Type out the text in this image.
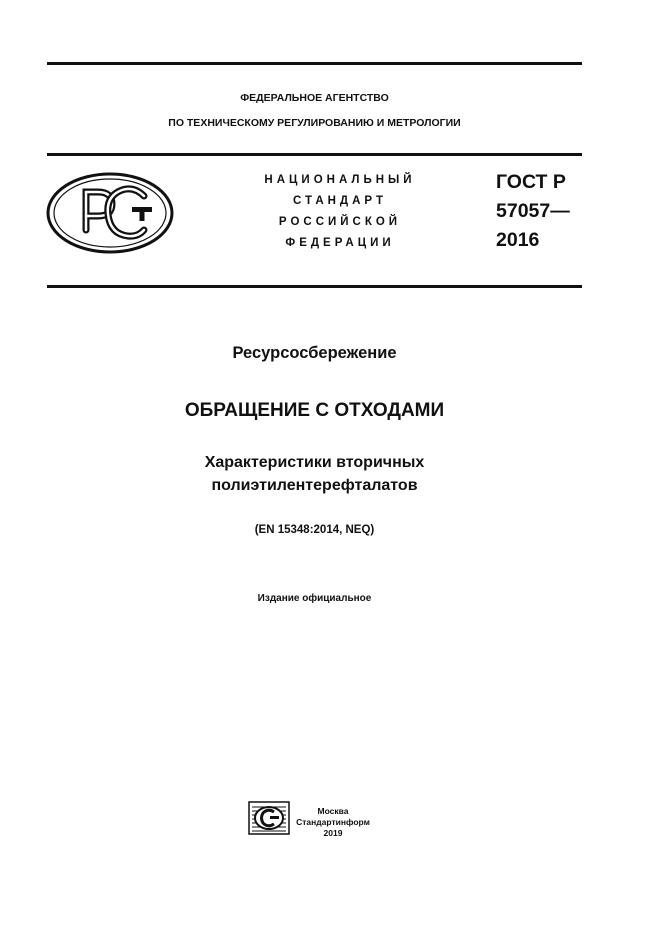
ФЕДЕРАЛЬНОЕ АГЕНТСТВО
ПО ТЕХНИЧЕСКОМУ РЕГУЛИРОВАНИЮ И МЕТРОЛОГИИ
НАЦИОНАЛЬНЫЙ
СТАНДАРТ
РОССИЙСКОЙ
ФЕДЕРАЦИИ
ГОСТ Р
57057—
2016
Ресурсосбережение
ОБРАЩЕНИЕ С ОТХОДАМИ
Характеристики вторичных
полиэтилентерефталатов
(EN 15348:2014, NEQ)
Издание официальное
Москва
Стандартинформ
2019
